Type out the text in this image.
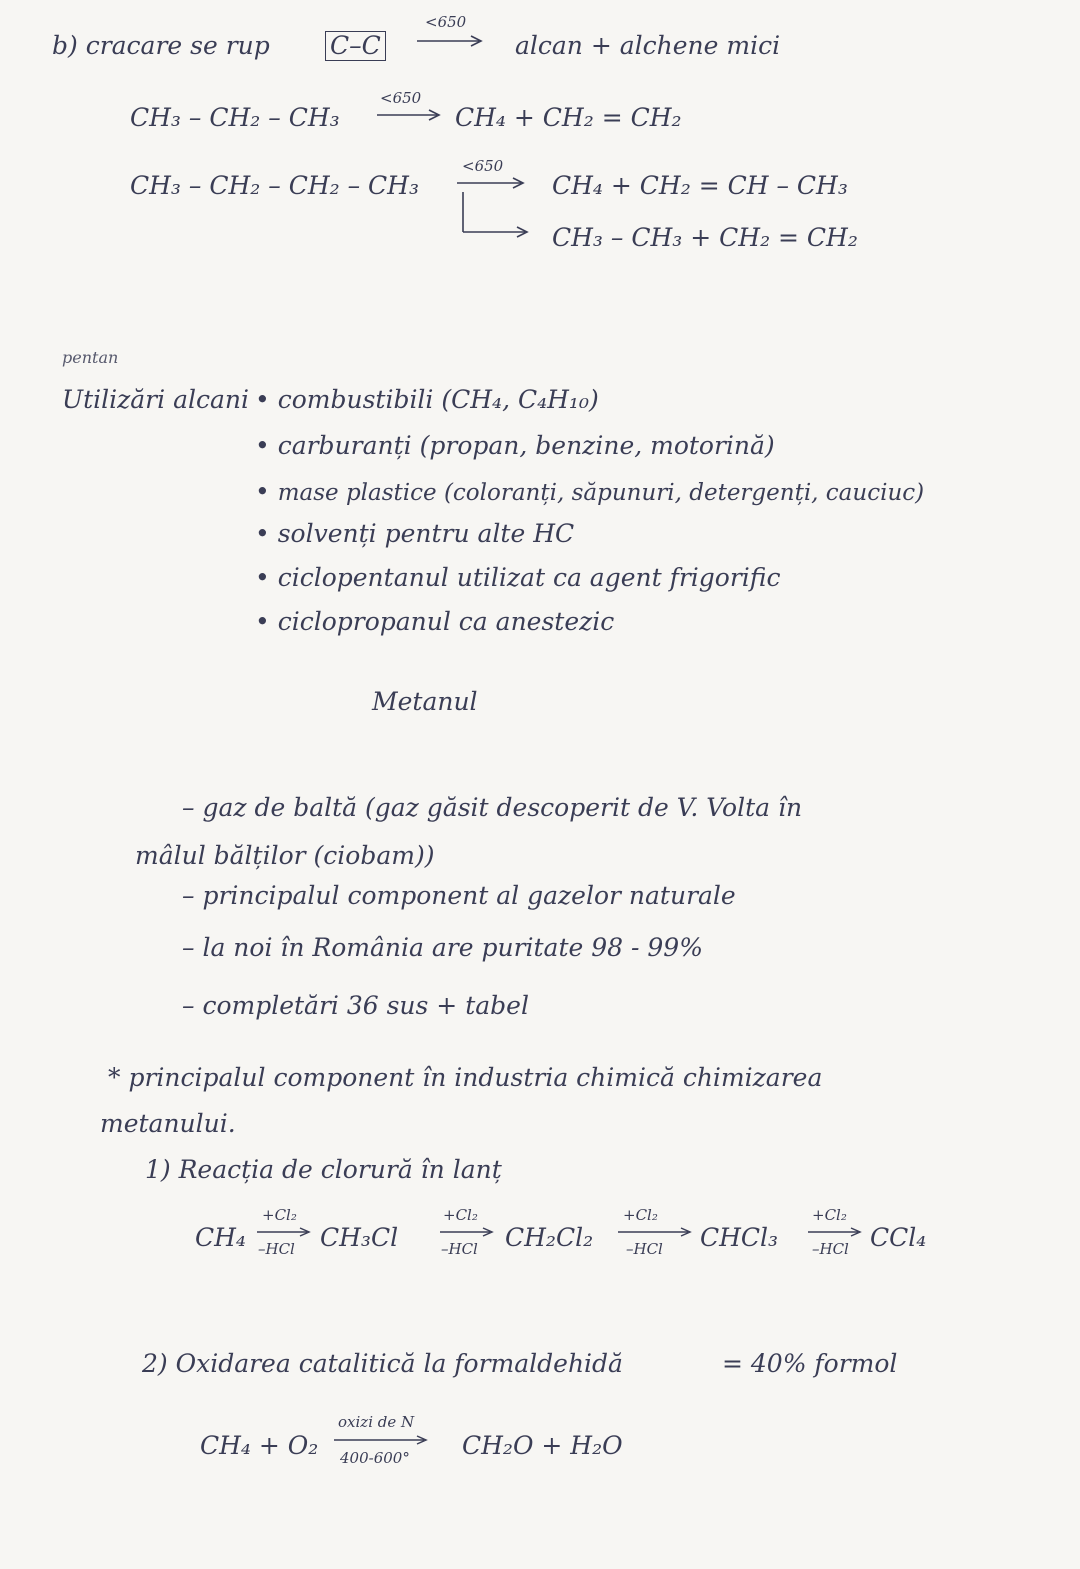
b) cracare se rup C–C
<650
alcan + alchene mici
CH₃ – CH₂ – CH₃
<650
CH₄ + CH₂ = CH₂
CH₃ – CH₂ – CH₂ – CH₃
<650
CH₄ + CH₂ = CH – CH₃
CH₃ – CH₃ + CH₂ = CH₂
pentan
Utilizări alcani • combustibili (CH₄, C₄H₁₀)
• carburanți (propan, benzine, motorină)
• mase plastice (coloranți, săpunuri, detergenți, cauciuc)
• solvenți pentru alte HC
• ciclopentanul utilizat ca agent frigorific
• ciclopropanul ca anestezic
Metanul
– gaz de baltă (gaz găsit descoperit de V. Volta în
mâlul bălților (ciobam))
– principalul component al gazelor naturale
– la noi în România are puritate 98 - 99%
– completări 36 sus + tabel
* principalul component în industria chimică chimizarea
metanului.
1) Reacția de clorură în lanț
CH₄
+Cl₂
–HCl CH₃Cl
+Cl₂
–HCl CH₂Cl₂
+Cl₂
–HCl CHCl₃
+Cl₂
–HCl CCl₄
2) Oxidarea catalitică la formaldehidă	= 40% formol
CH₄ + O₂
oxizi de N
400-600° CH₂O + H₂O
